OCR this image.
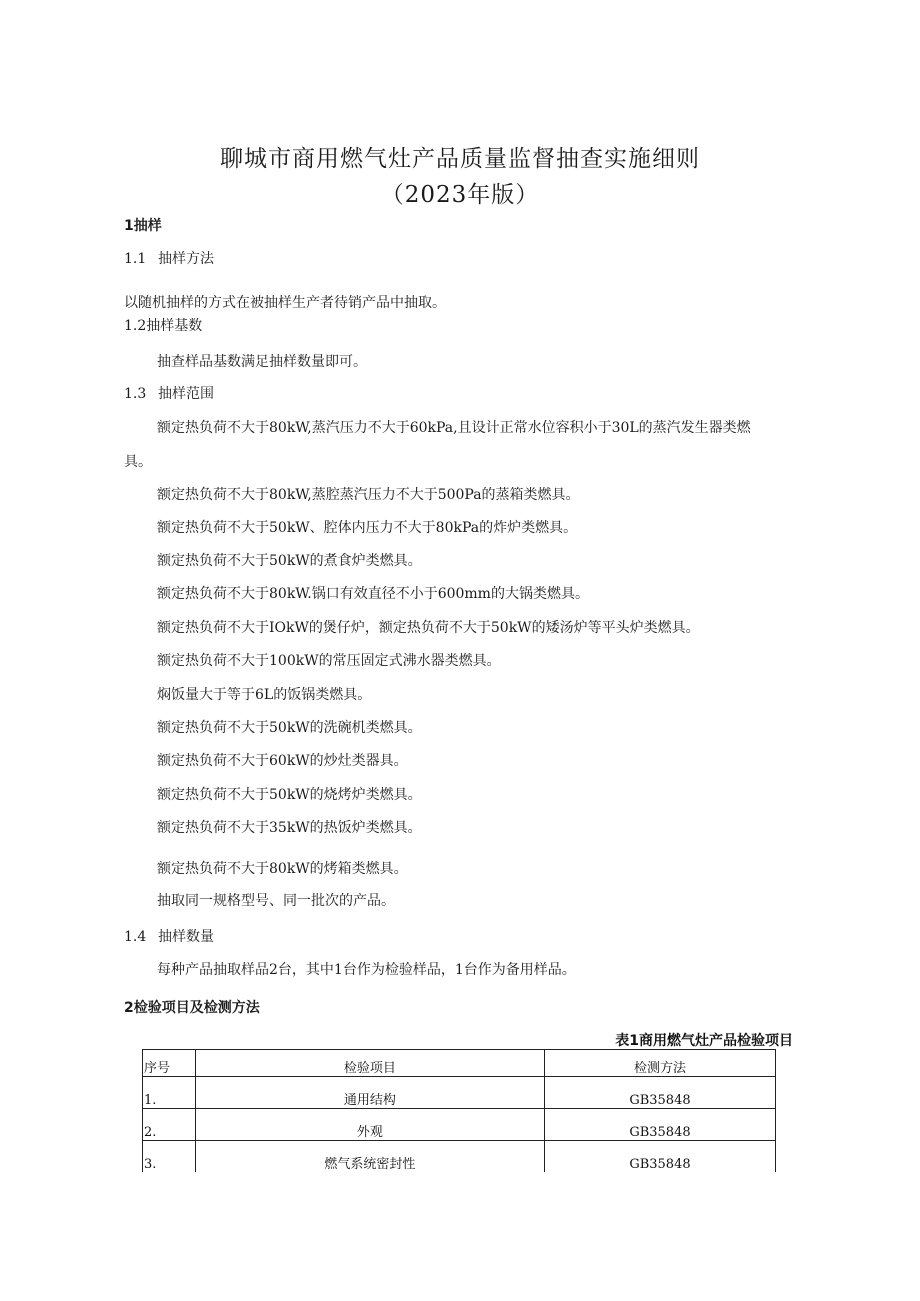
聊城市商用燃气灶产品质量监督抽查实施细则
（2023年版）
1抽样
1.1 抽样方法
以随机抽样的方式在被抽样生产者待销产品中抽取。
1.2抽样基数
抽查样品基数满足抽样数量即可。
1.3 抽样范围
额定热负荷不大于80kW,蒸汽压力不大于60kPa,且设计正常水位容积小于30L的蒸汽发生器类燃
具。
额定热负荷不大于80kW,蒸腔蒸汽压力不大于500Pa的蒸箱类燃具。
额定热负荷不大于50kW、腔体内压力不大于80kPa的炸炉类燃具。
额定热负荷不大于50kW的煮食炉类燃具。
额定热负荷不大于80kW.锅口有效直径不小于600mm的大锅类燃具。
额定热负荷不大于IOkW的煲仔炉，额定热负荷不大于50kW的矮汤炉等平头炉类燃具。
额定热负荷不大于100kW的常压固定式沸水器类燃具。
焖饭量大于等于6L的饭锅类燃具。
额定热负荷不大于50kW的洗碗机类燃具。
额定热负荷不大于60kW的炒灶类器具。
额定热负荷不大于50kW的烧烤炉类燃具。
额定热负荷不大于35kW的热饭炉类燃具。
额定热负荷不大于80kW的烤箱类燃具。
抽取同一规格型号、同一批次的产品。
1.4 抽样数量
每种产品抽取样品2台，其中1台作为检验样品，1台作为备用样品。
2检验项目及检测方法
表1商用燃气灶产品检验项目
序号	检验项目	检测方法
1.	通用结构	GB35848
2.	外观	GB35848
3.	燃气系统密封性	GB35848
